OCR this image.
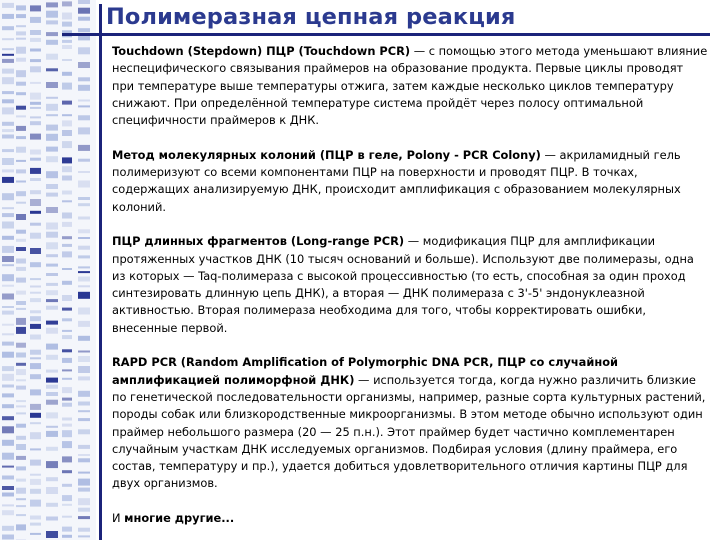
Полимеразная цепная реакция

Touchdown (Stepdown) ПЦР (Touchdown PCR) — с помощью этого метода уменьшают влияние неспецифического связывания праймеров на образование продукта. Первые циклы проводят при температуре выше температуры отжига, затем каждые несколько циклов температуру снижают. При определённой температуре система пройдёт через полосу оптимальной специфичности праймеров к ДНК.

Метод молекулярных колоний (ПЦР в геле, Polony - PCR Colony) — акриламидный гель полимеризуют со всеми компонентами ПЦР на поверхности и проводят ПЦР. В точках, содержащих анализируемую ДНК, происходит амплификация с образованием молекулярных колоний.

ПЦР длинных фрагментов (Long-range PCR) — модификация ПЦР для амплификации протяженных участков ДНК (10 тысяч оснований и больше). Используют две полимеразы, одна из которых — Taq-полимераза с высокой процессивностью (то есть, способная за один проход синтезировать длинную цепь ДНК), а вторая — ДНК полимераза с 3'-5' эндонуклеазной активностью. Вторая полимераза необходима для того, чтобы корректировать ошибки, внесенные первой.

RAPD PCR (Random Amplification of Polymorphic DNA PCR, ПЦР со случайной амплификацией полиморфной ДНК) — используется тогда, когда нужно различить близкие по генетической последовательности организмы, например, разные сорта культурных растений, породы собак или близкородственные микроорганизмы. В этом методе обычно используют один праймер небольшого размера (20 — 25 п.н.). Этот праймер будет частично комплементарен случайным участкам ДНК исследуемых организмов. Подбирая условия (длину праймера, его состав, температуру и пр.), удается добиться удовлетворительного отличия картины ПЦР для двух организмов.

И многие другие...
